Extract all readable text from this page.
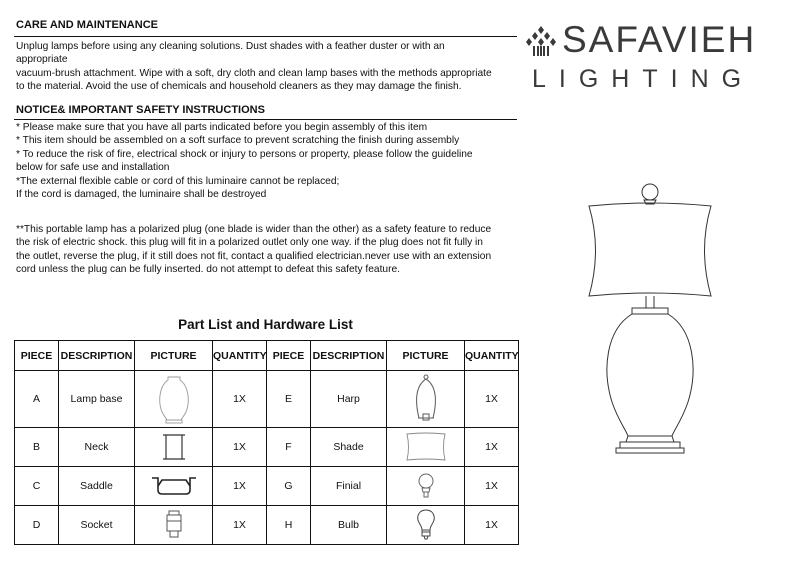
CARE AND MAINTENANCE
Unplug lamps before using any cleaning solutions. Dust shades with a feather duster or with an
appropriate
vacuum-brush attachment. Wipe with a soft, dry cloth and clean lamp bases with the methods appropriate
to the material. Avoid the use of chemicals and household cleaners as they may damage the finish.
NOTICE& IMPORTANT SAFETY INSTRUCTIONS
* Please make sure that you have all parts indicated before you begin assembly of this item
* This item should be assembled on a soft surface to prevent scratching the finish during assembly
* To reduce the risk of fire, electrical shock or injury to persons or property, please follow the guideline
below for safe use and installation
*The external flexible cable or cord of this luminaire cannot be replaced;
If the cord is damaged, the luminaire shall be destroyed
**This portable lamp has a polarized plug (one blade is wider than the other) as a safety feature to reduce
the risk of electric shock. this plug will fit in a polarized outlet only one way. if the plug does not fit fully in
the outlet, reverse the plug, if it still does not fit, contact a qualified electrician.never use with an extension
cord unless the plug can be fully inserted. do not attempt to defeat this safety feature.
SAFAVIEH
LIGHTING
Part List and Hardware List
PIECE	DESCRIPTION	PICTURE	QUANTITY	PIECE	DESCRIPTION	PICTURE	QUANTITY
A	Lamp base		1X	E	Harp		1X
B	Neck		1X	F	Shade		1X
C	Saddle		1X	G	Finial		1X
D	Socket		1X	H	Bulb		1X
